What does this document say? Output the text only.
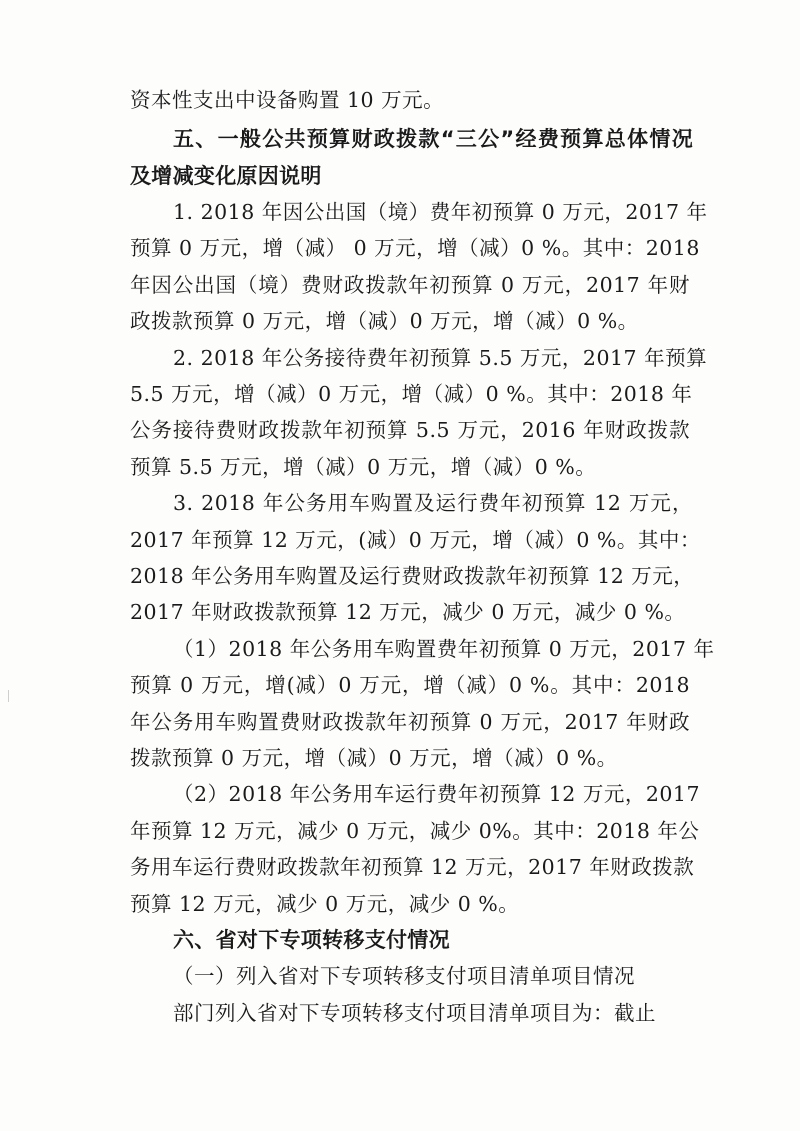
资本性支出中设备购置 10 万元。
五、一般公共预算财政拨款“三公”经费预算总体情况
及增减变化原因说明
1. 2018 年因公出国（境）费年初预算 0 万元，2017 年
预算 0 万元，增（减） 0 万元，增（减）0 %。其中：2018
年因公出国（境）费财政拨款年初预算 0 万元，2017 年财
政拨款预算 0 万元，增（减）0 万元，增（减）0 %。
2. 2018 年公务接待费年初预算 5.5 万元，2017 年预算
5.5 万元，增（减）0 万元，增（减）0 %。其中：2018 年
公务接待费财政拨款年初预算 5.5 万元，2016 年财政拨款
预算 5.5 万元，增（减）0 万元，增（减）0 %。
3. 2018 年公务用车购置及运行费年初预算 12 万元，
2017 年预算 12 万元，(减）0 万元，增（减）0 %。其中：
2018 年公务用车购置及运行费财政拨款年初预算 12 万元，
2017 年财政拨款预算 12 万元，减少 0 万元，减少 0 %。
（1）2018 年公务用车购置费年初预算 0 万元，2017 年
预算 0 万元，增(减）0 万元，增（减）0 %。其中：2018
年公务用车购置费财政拨款年初预算 0 万元，2017 年财政
拨款预算 0 万元，增（减）0 万元，增（减）0 %。
（2）2018 年公务用车运行费年初预算 12 万元，2017
年预算 12 万元，减少 0 万元，减少 0%。其中：2018 年公
务用车运行费财政拨款年初预算 12 万元，2017 年财政拨款
预算 12 万元，减少 0 万元，减少 0 %。
六、省对下专项转移支付情况
（一）列入省对下专项转移支付项目清单项目情况
部门列入省对下专项转移支付项目清单项目为：截止
